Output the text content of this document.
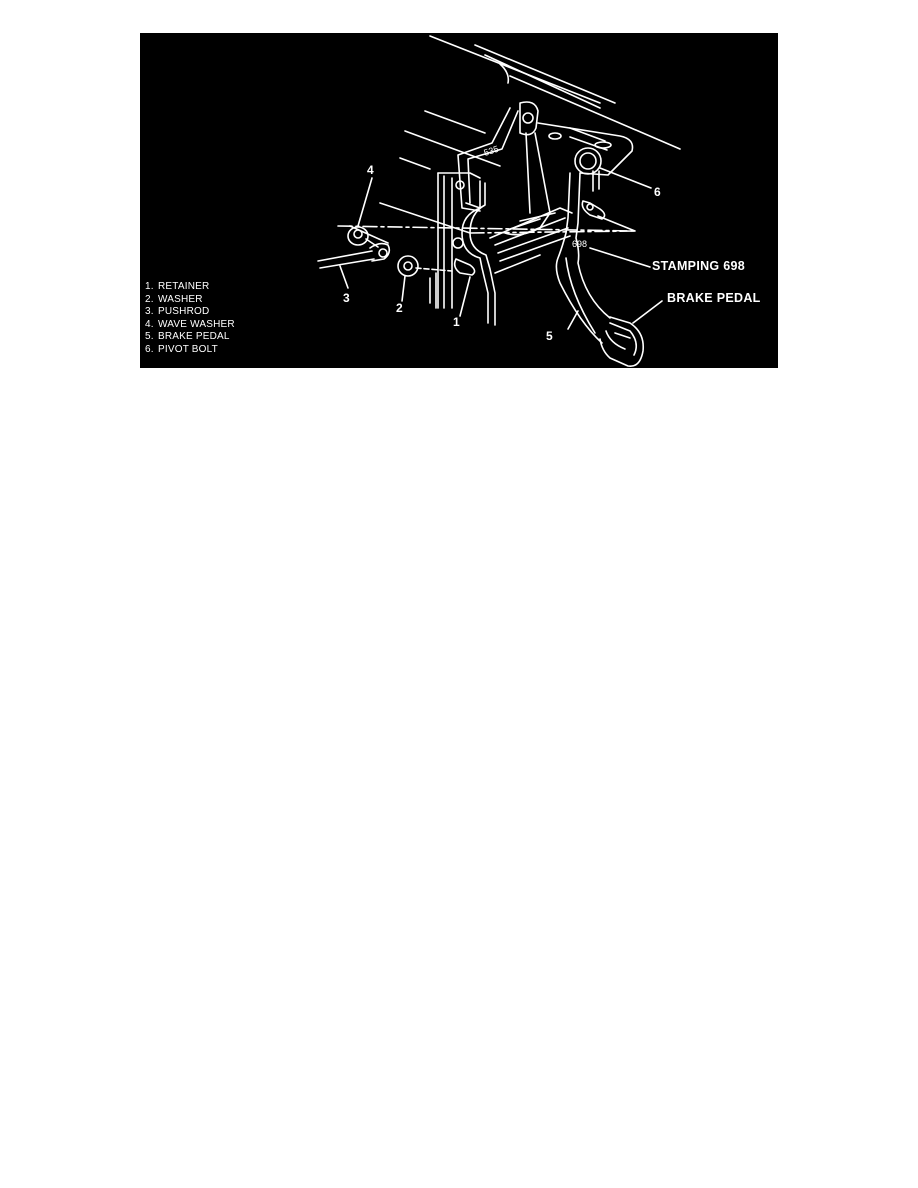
698
535
4
3
2
1
5
6
STAMPING 698
BRAKE PEDAL
1. RETAINER
2. WASHER
3. PUSHROD
4. WAVE WASHER
5. BRAKE PEDAL
6. PIVOT BOLT
